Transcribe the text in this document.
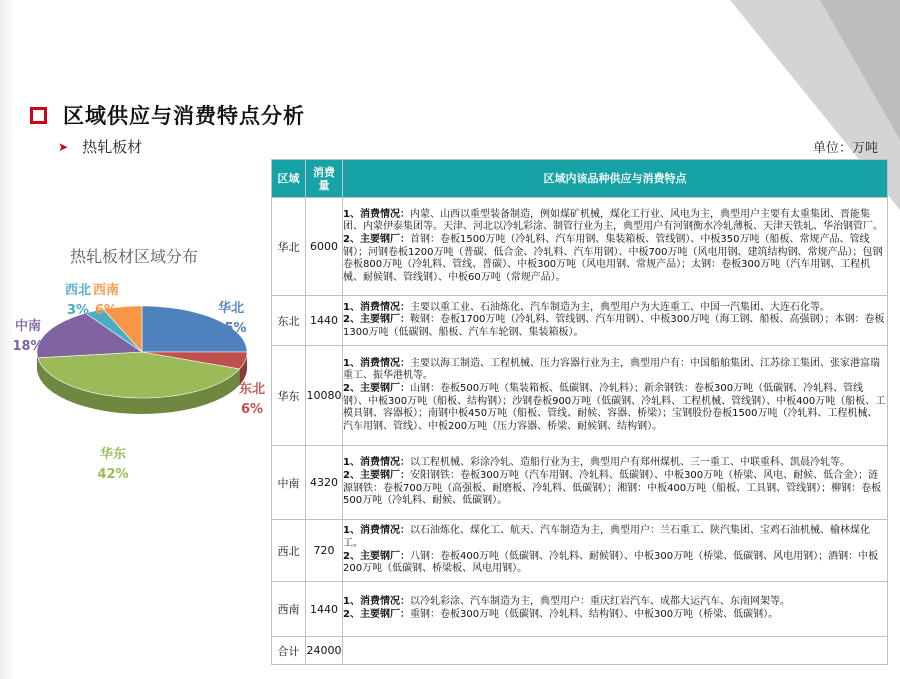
区域供应与消费特点分析
➤ 热轧板材	单位：万吨
热轧板材区域分布
华北
25%
东北
6%
华东
42%
中南
18%
西北
3%
西南
6%
区域	消费量	区域内该品种供应与消费特点
华北	6000	1、消费情况：内蒙、山西以重型装备制造，例如煤矿机械，煤化工行业、风电为主，典型用户主要有太重集团、晋能集团、内蒙伊泰集团等。天津、河北以冷轧彩涂、制管行业为主，典型用户有河钢衡水冷轧薄板、天津天铁轧、华治钢管厂。
2、主要钢厂：首钢：卷板1500万吨（冷轧料、汽车用钢、集装箱板、管线钢）、中板350万吨（船板、常规产品、管线钢）；河钢卷板1200万吨（普碳、低合金、冷轧料、汽车用钢）、中板700万吨（风电用钢、建筑结构钢、常规产品）；包钢卷板800万吨（冷轧料、管线、普碳）、中板300万吨（风电用钢、常规产品）；太钢：卷板300万吨（汽车用钢、工程机械、耐候钢、管线钢）、中板60万吨（常规产品）。

东北	1440	1、消费情况：主要以重工业、石油炼化、汽车制造为主，典型用户为大连重工、中国一汽集团、大连石化等。
2、主要钢厂：鞍钢：卷板1700万吨（冷轧料、管线钢、汽车用钢）、中板300万吨（海工钢、船板、高强钢）；本钢：卷板1300万吨（低碳钢、船板、汽车车轮钢、集装箱板）。

华东	10080	1、消费情况：主要以海工制造、工程机械、压力容器行业为主，典型用户有：中国船舶集团、江苏徐工集团、张家港富瑞重工、振华港机等。
2、主要钢厂：山钢：卷板500万吨（集装箱板、低碳钢、冷轧料）；新余钢铁：卷板300万吨（低碳钢、冷轧料、管线钢）、中板300万吨（船板、结构钢）；沙钢卷板900万吨（低碳钢、冷轧料、工程机械、管线钢）、中板400万吨（船板、工模具钢、容器板）；南钢中板450万吨（船板、管线、耐候、容器、桥梁）；宝钢股份卷板1500万吨（冷轧料、工程机械、汽车用钢、管线）、中板200万吨（压力容器、桥梁、耐候钢、结构钢）。

中南	4320	1、消费情况：以工程机械、彩涂冷轧、造船行业为主，典型用户有郑州煤机、三一重工、中联重科、凯晨冷轧等。
2、主要钢厂：安阳钢铁：卷板300万吨（汽车用钢、冷轧料、低碳钢）、中板300万吨（桥梁、风电、耐候、低合金）；涟源钢铁：卷板700万吨（高强板、耐磨板、冷轧料、低碳钢）；湘钢：中板400万吨（船板、工具钢、管线钢）；柳钢：卷板500万吨（冷轧料、耐候、低碳钢）。

西北	720	1、消费情况：以石油炼化、煤化工、航天、汽车制造为主，典型用户：兰石重工、陕汽集团、宝鸡石油机械、榆林煤化工。
2、主要钢厂：八钢：卷板400万吨（低碳钢、冷轧料、耐候钢）、中板300万吨（桥梁、低碳钢、风电用钢）；酒钢：中板200万吨（低碳钢、桥梁板、风电用钢）。

西南	1440	1、消费情况：以冷轧彩涂、汽车制造为主，典型用户：重庆红岩汽车、成都大运汽车、东南网架等。
2、主要钢厂：重钢：卷板300万吨（低碳钢、冷轧料、结构钢）、中板300万吨（桥梁、低碳钢）。

合计	24000	
